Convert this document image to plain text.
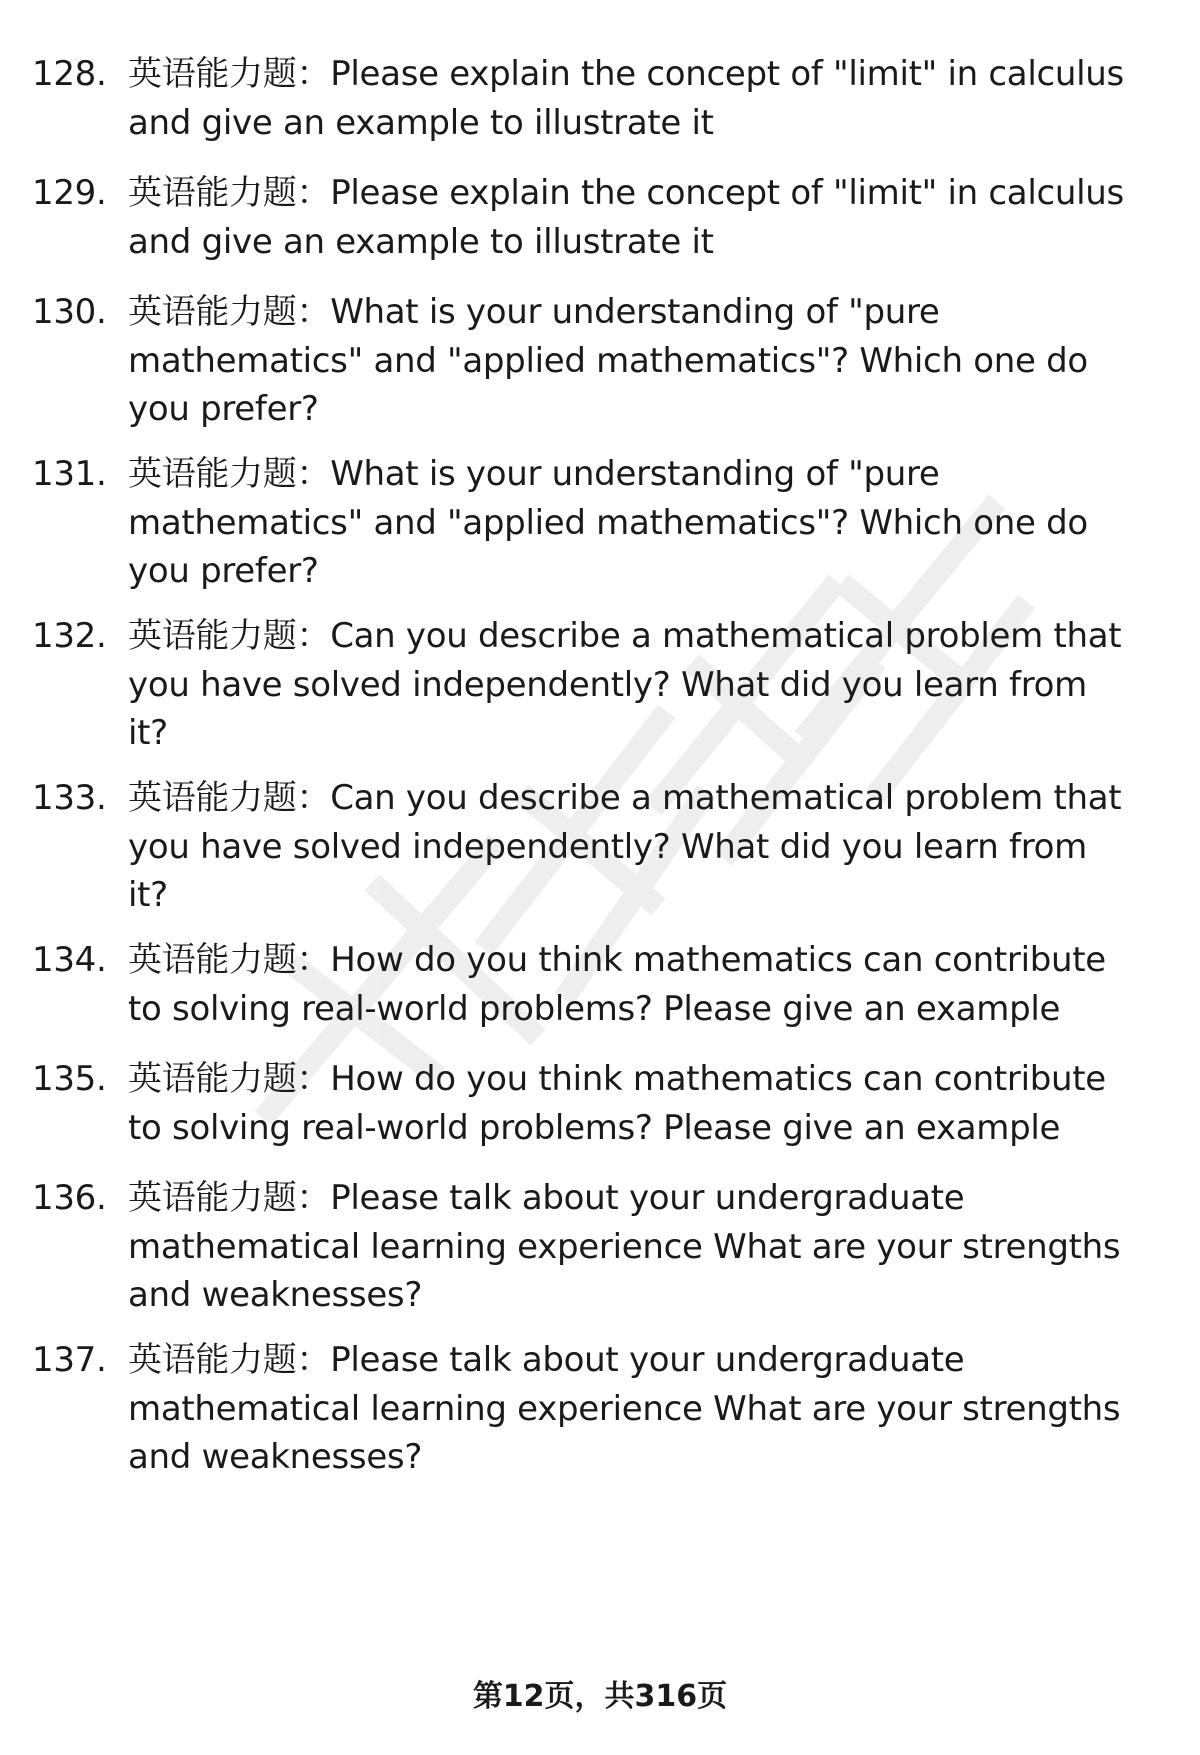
128. 英语能力题：Please explain the concept of "limit" in calculus
and give an example to illustrate it
129. 英语能力题：Please explain the concept of "limit" in calculus
and give an example to illustrate it
130. 英语能力题：What is your understanding of "pure
mathematics" and "applied mathematics"? Which one do
you prefer?
131. 英语能力题：What is your understanding of "pure
mathematics" and "applied mathematics"? Which one do
you prefer?
132. 英语能力题：Can you describe a mathematical problem that
you have solved independently? What did you learn from
it?
133. 英语能力题：Can you describe a mathematical problem that
you have solved independently? What did you learn from
it?
134. 英语能力题：How do you think mathematics can contribute
to solving real-world problems? Please give an example
135. 英语能力题：How do you think mathematics can contribute
to solving real-world problems? Please give an example
136. 英语能力题：Please talk about your undergraduate
mathematical learning experience What are your strengths
and weaknesses?
137. 英语能力题：Please talk about your undergraduate
mathematical learning experience What are your strengths
and weaknesses?
第12页，共316页
